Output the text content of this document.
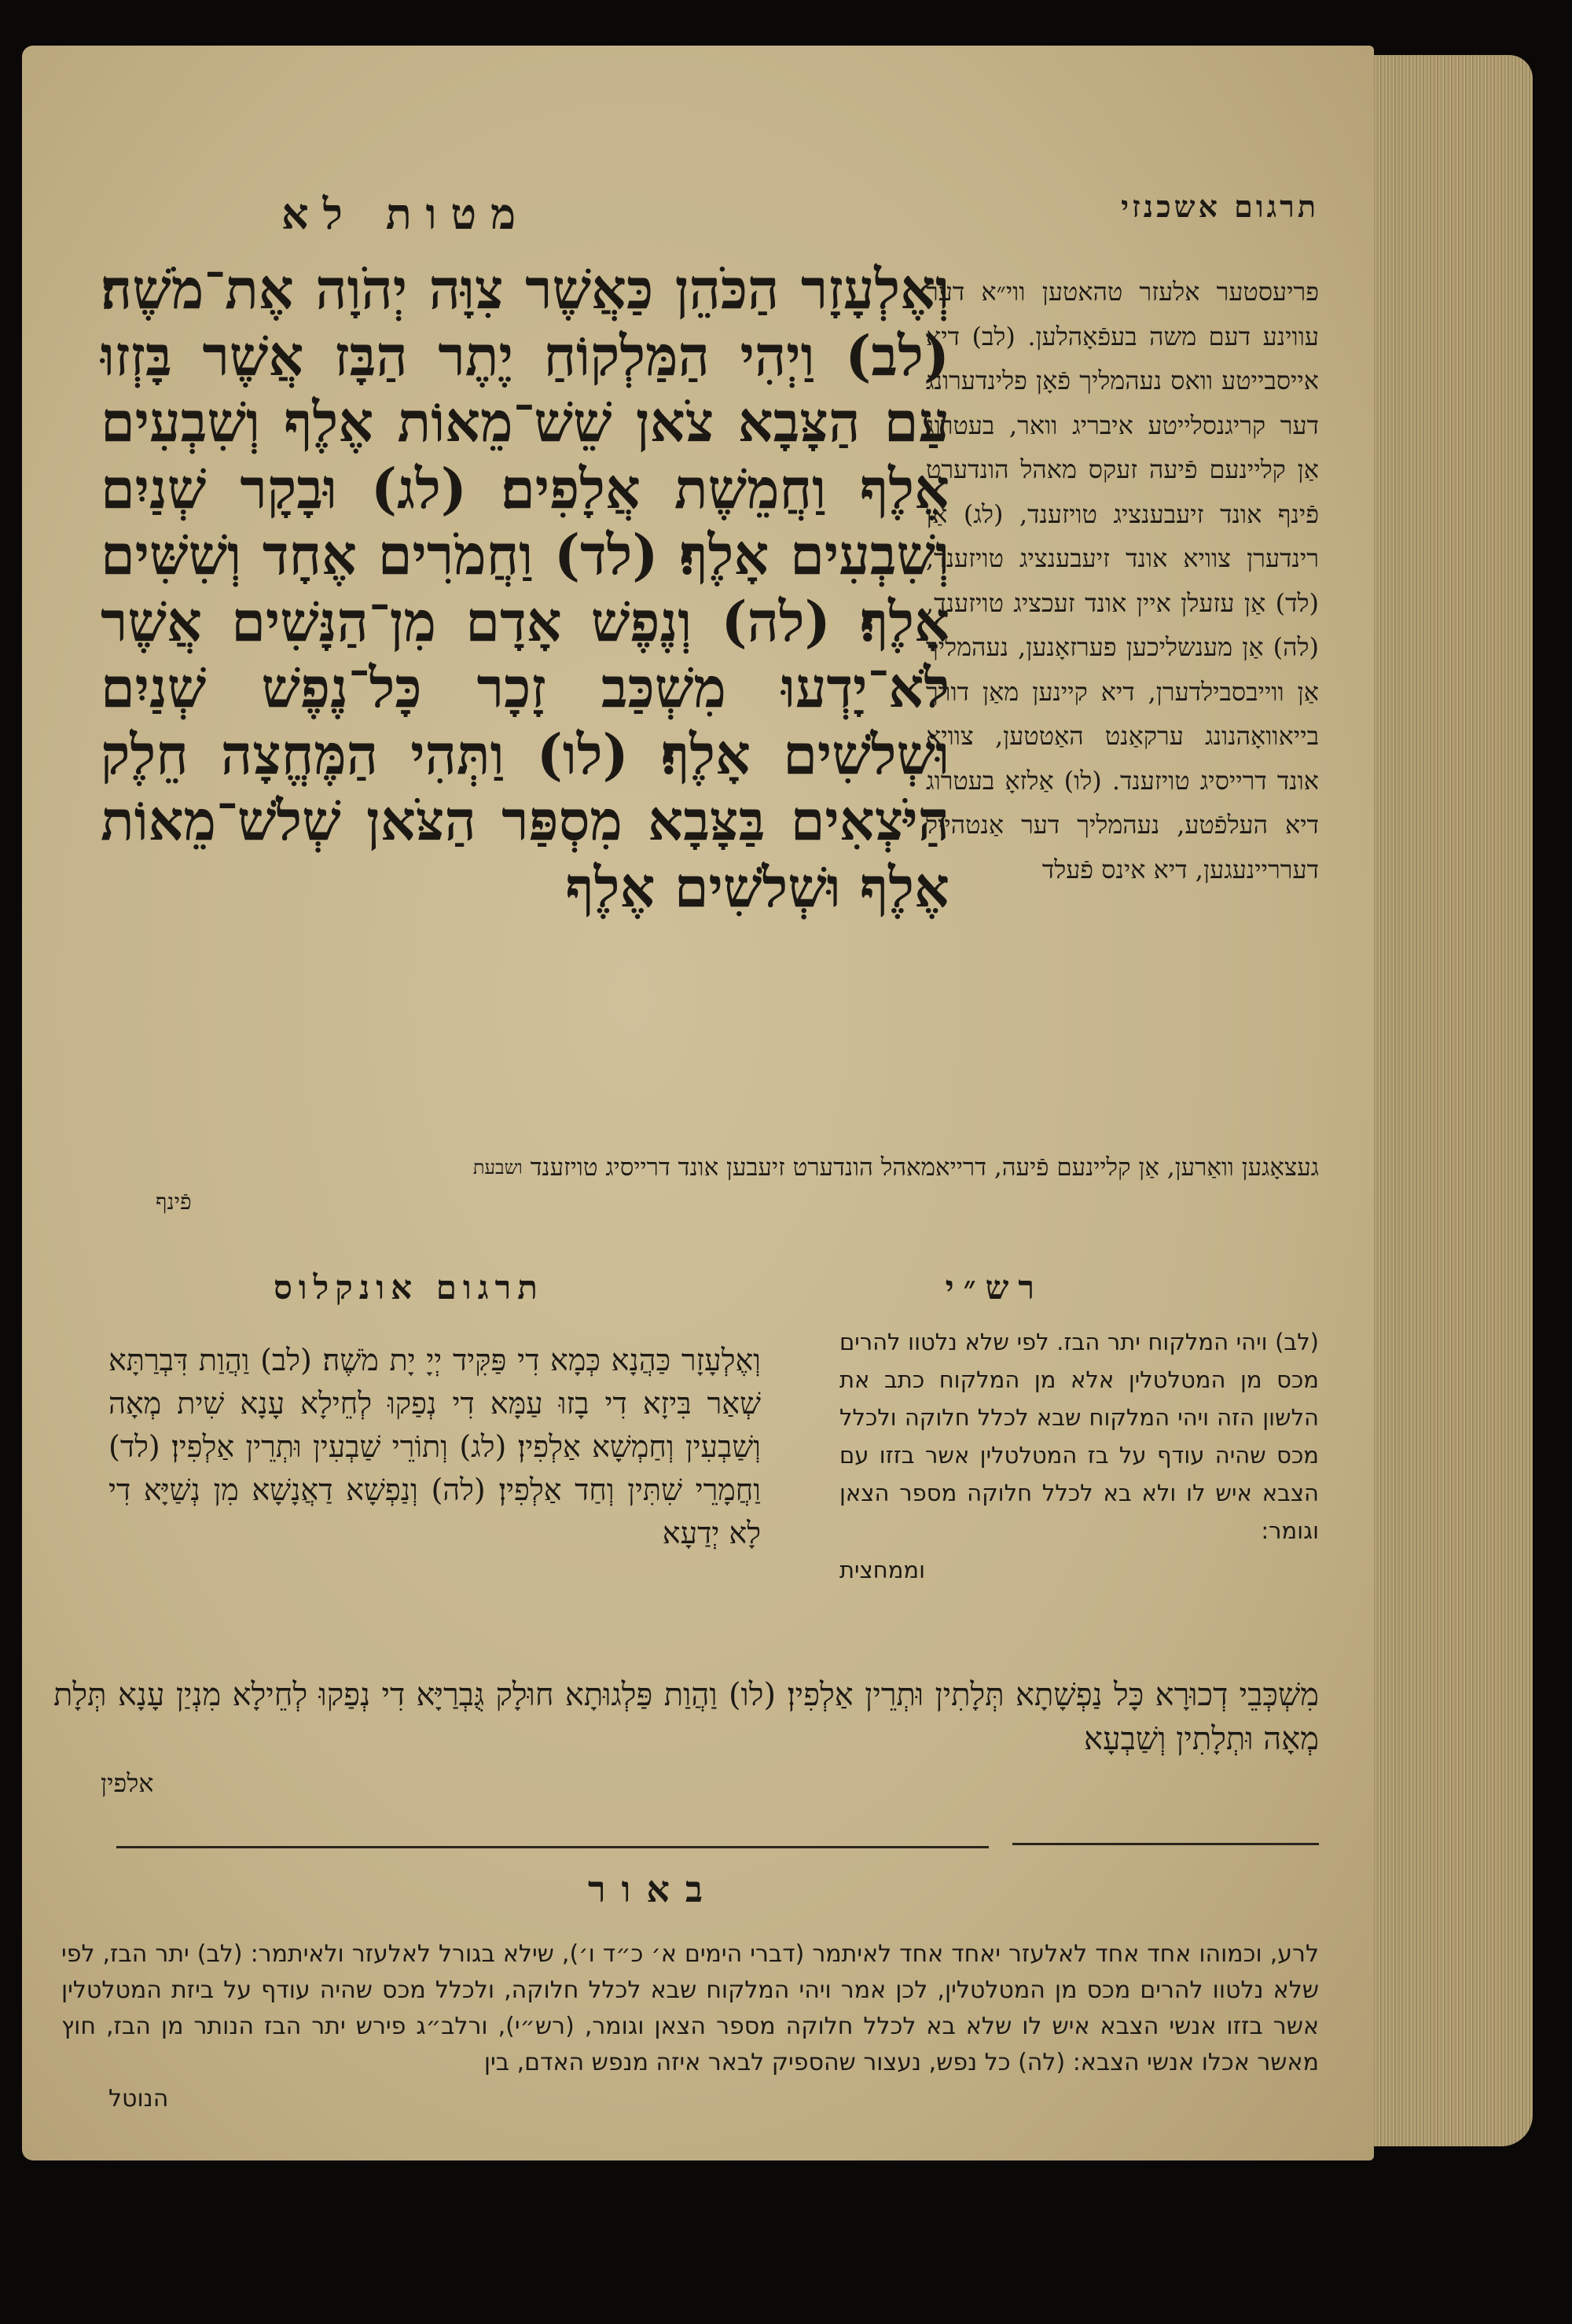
תרגום אשכנזי
מטות לא
פריעסטער אלעזר טהאטען ווי״א דער עווינע דעם משה בעפֿאָהלען. (לב) דיא אייסבייטע וואס נעהמליך פֿאָן פלינדערונג דער קריגנסלייטע איבריג וואר, בעטרוג אַן קליינעם פֿיעה זעקס מאהל הונדערט פֿינף אונד זיעבענציג טויזענד, (לג) אַן רינדערן צוויא אונד זיעבענציג טויזענד, (לד) אַן עזעלן איין אונד זעכציג טויזענד, (לה) אַן מענשליכען פערזאָנען, נעהמליך אַן ווייבסבילדערן, דיא קיינען מאַן דורך בייאוואָהנונג ערקאַנט האַטטען, צוויא אונד דרייסיג טויזענד. (לו) אַלזאָ בעטרוג דיא העלפֿטע, נעהמליך דער אַנטהייל דערריינעגען, דיא אינס פֿעלד
וְאֶלְעָזָר הַכֹּהֵן כַּאֲשֶׁר צִוָּה יְהֹוָה אֶת־מֹשֶׁה׃ (לב) וַיְהִי הַמַּלְקוֹחַ יֶתֶר הַבָּז אֲשֶׁר בָּזְזוּ עַם הַצָּבָא צֹאן שֵׁשׁ־מֵאוֹת אֶלֶף וְשִׁבְעִים אֶלֶף וַחֲמֵשֶׁת אֲלָפִים׃ (לג) וּבָקָר שְׁנַיִם וְשִׁבְעִים אָלֶף׃ (לד) וַחֲמֹרִים אֶחָד וְשִׁשִּׁים אָלֶף׃ (לה) וְנֶפֶשׁ אָדָם מִן־הַנָּשִׁים אֲשֶׁר לֹא־יָדְעוּ מִשְׁכַּב זָכָר כָּל־נֶפֶשׁ שְׁנַיִם וּשְׁלֹשִׁים אָלֶף׃ (לו) וַתְּהִי הַמֶּחֱצָה חֵלֶק הַיֹּצְאִים בַּצָּבָא מִסְפַּר הַצֹּאן שְׁלֹשׁ־מֵאוֹת אֶלֶף וּשְׁלֹשִׁים אֶלֶף
געצאָגען וואַרען, אַן קליינעם פֿיעה, דרייאמאהל הונדערט זיעבען אונד דרייסיג טויזענד $^{ושבעת}$
פֿינף
רש״י
תרגום אונקלוס
(לב) ויהי המלקוח יתר הבז. לפי שלא נלטוו להרים מכס מן המטלטלין אלא מן המלקוח כתב את הלשון הזה ויהי המלקוח שבא לכלל חלוקה ולכלל מכס שהיה עודף על בז המטלטלין אשר בזזו עם הצבא איש לו ולא בא לכלל חלוקה מספר הצאן וגומר:
וממחצית
וְאֶלְעָזָר כַּהֲנָא כְּמָא דִי פַּקִּיד יְיָ יָת מֹשֶׁה׃ (לב) וַהֲוַת דִּבְרַתָּא שְׁאַר בִּיזָא דִי בָזוּ עַמָּא דִי נְפַקוּ לְחֵילָא עָנָא שִׁית מְאָה וְשַׁבְעִין וְחַמְשָׁא אַלְפִין׃ (לג) וְתוֹרֵי שַׁבְעִין וּתְרֵין אַלְפִין׃ (לד) וַחֲמָרֵי שִׁתִּין וְחַד אַלְפִין׃ (לה) וְנַפְשָׁא דַאֲנָשָׁא מִן נְשַׁיָּא דִי לָא יְדַעָא
מִשְׁכְּבֵי דְכוּרָא כָּל נַפְשָׁתָא תְּלָתִין וּתְרֵין אַלְפִין׃ (לו) וַהֲוַת פַּלְגוּתָא חוּלָק גֻּבְרַיָּא דִי נְפַקוּ לְחֵילָא מִנְיַן עָנָא תְּלָת מְאָה וּתְלָתִין וְשַׁבְעָא
אלפין
באור
לרע, וכמוהו אחד אחד לאלעזר יאחד אחד לאיתמר (דברי הימים א׳ כ״ד ו׳), שילא בגורל לאלעזר ולאיתמר: (לב) יתר הבז, לפי שלא נלטוו להרים מכס מן המטלטלין, לכן אמר ויהי המלקוח שבא לכלל חלוקה, ולכלל מכס שהיה עודף על ביזת המטלטלין אשר בזזו אנשי הצבא איש לו שלא בא לכלל חלוקה מספר הצאן וגומר, (רש״י), ורלב״ג פירש יתר הבז הנותר מן הבז, חוץ מאשר אכלו אנשי הצבא: (לה) כל נפש, נעצור שהספיק לבאר איזה מנפש האדם, בין
הנוטל
